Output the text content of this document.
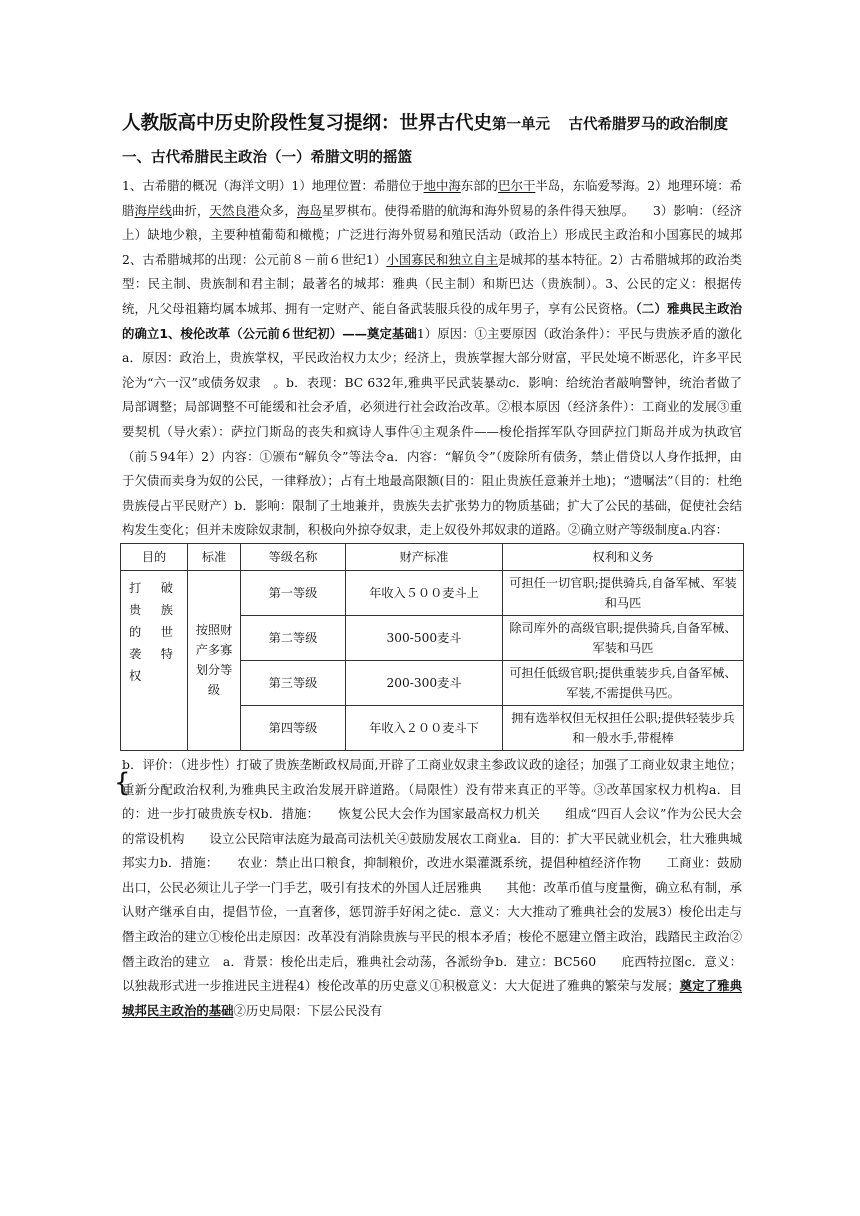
人教版高中历史阶段性复习提纲：世界古代史第一单元　 古代希腊罗马的政治制度一、古代希腊民主政治（一）希腊文明的摇篮
1、古希腊的概况（海洋文明）1）地理位置：希腊位于地中海东部的巴尔干半岛，东临爱琴海。2）地理环境：希腊海岸线曲折，天然良港众多，海岛星罗棋布。使得希腊的航海和海外贸易的条件得天独厚。　　3）影响：（经济上）缺地少粮，主要种植葡萄和橄榄；广泛进行海外贸易和殖民活动（政治上）形成民主政治和小国寡民的城邦2、古希腊城邦的出现：公元前８－前６世纪1）小国寡民和独立自主是城邦的基本特征。2）古希腊城邦的政治类型：民主制、贵族制和君主制；最著名的城邦：雅典（民主制）和斯巴达（贵族制）。3、公民的定义：根据传统，凡父母祖籍均属本城邦、拥有一定财产、能自备武装服兵役的成年男子，享有公民资格。（二）雅典民主政治的确立1、梭伦改革（公元前６世纪初）——奠定基础1）原因：①主要原因（政治条件）：平民与贵族矛盾的激化a．原因：政治上，贵族掌权，平民政治权力太少；经济上，贵族掌握大部分财富，平民处境不断恶化，许多平民沦为“六一汉”或债务奴隶　。b．表现：BC 632年,雅典平民武装暴动c．影响：给统治者敲响警钟，统治者做了局部调整；局部调整不可能缓和社会矛盾，必须进行社会政治改革。②根本原因（经济条件）：工商业的发展③重要契机（导火索）：萨拉门斯岛的丧失和疯诗人事件④主观条件——梭伦指挥军队夺回萨拉门斯岛并成为执政官（前５94年）2）内容：①颁布“解负令”等法令a．内容：“解负令”（废除所有债务，禁止借贷以人身作抵押，由于欠债而卖身为奴的公民，一律释放）；占有土地最高限额(目的：阻止贵族任意兼并土地)；“遗嘱法”（目的：杜绝贵族侵占平民财产）b．影响：限制了土地兼并，贵族失去扩张势力的物质基础；扩大了公民的基础，促使社会结构发生变化；但并未废除奴隶制，积极向外掠夺奴隶，走上奴役外邦奴隶的道路。②确立财产等级制度a.内容：
目的	标准	等级名称	财产标准	权利和义务
打破贵族的世袭特权	按照财产多寡划分等级	第一等级	年收入５００麦斗上	可担任一切官职;提供骑兵,自备军械、军装和马匹
		第二等级	300-500麦斗	除司库外的高级官职;提供骑兵,自备军械、军装和马匹
		第三等级	200-300麦斗	可担任低级官职;提供重装步兵,自备军械、军装,不需提供马匹。
		第四等级	年收入２００麦斗下	拥有选举权但无权担任公职;提供轻装步兵和一般水手,带棍棒
{
b．评价：（进步性）打破了贵族垄断政权局面,开辟了工商业奴隶主参政议政的途径；加强了工商业奴隶主地位；重新分配政治权利,为雅典民主政治发展开辟道路。（局限性）没有带来真正的平等。③改革国家权力机构a．目的：进一步打破贵族专权b．措施：　　恢复公民大会作为国家最高权力机关　　组成“四百人会议”作为公民大会的常设机构　　设立公民陪审法庭为最高司法机关④鼓励发展农工商业a．目的：扩大平民就业机会，壮大雅典城邦实力b．措施：　　农业：禁止出口粮食，抑制粮价，改进水渠灌溉系统，提倡种植经济作物　　工商业：鼓励出口，公民必须让儿子学一门手艺，吸引有技术的外国人迁居雅典　　其他：改革币值与度量衡，确立私有制，承认财产继承自由，提倡节俭，一直奢侈，惩罚游手好闲之徒c．意义：大大推动了雅典社会的发展3）梭伦出走与僭主政治的建立①梭伦出走原因：改革没有消除贵族与平民的根本矛盾；梭伦不愿建立僭主政治，践踏民主政治②僭主政治的建立　a．背景：梭伦出走后，雅典社会动荡，各派纷争b．建立：BC560　　庇西特拉图c．意义：以独裁形式进一步推进民主进程4）梭伦改革的历史意义①积极意义：大大促进了雅典的繁荣与发展；奠定了雅典城邦民主政治的基础②历史局限：下层公民没有
